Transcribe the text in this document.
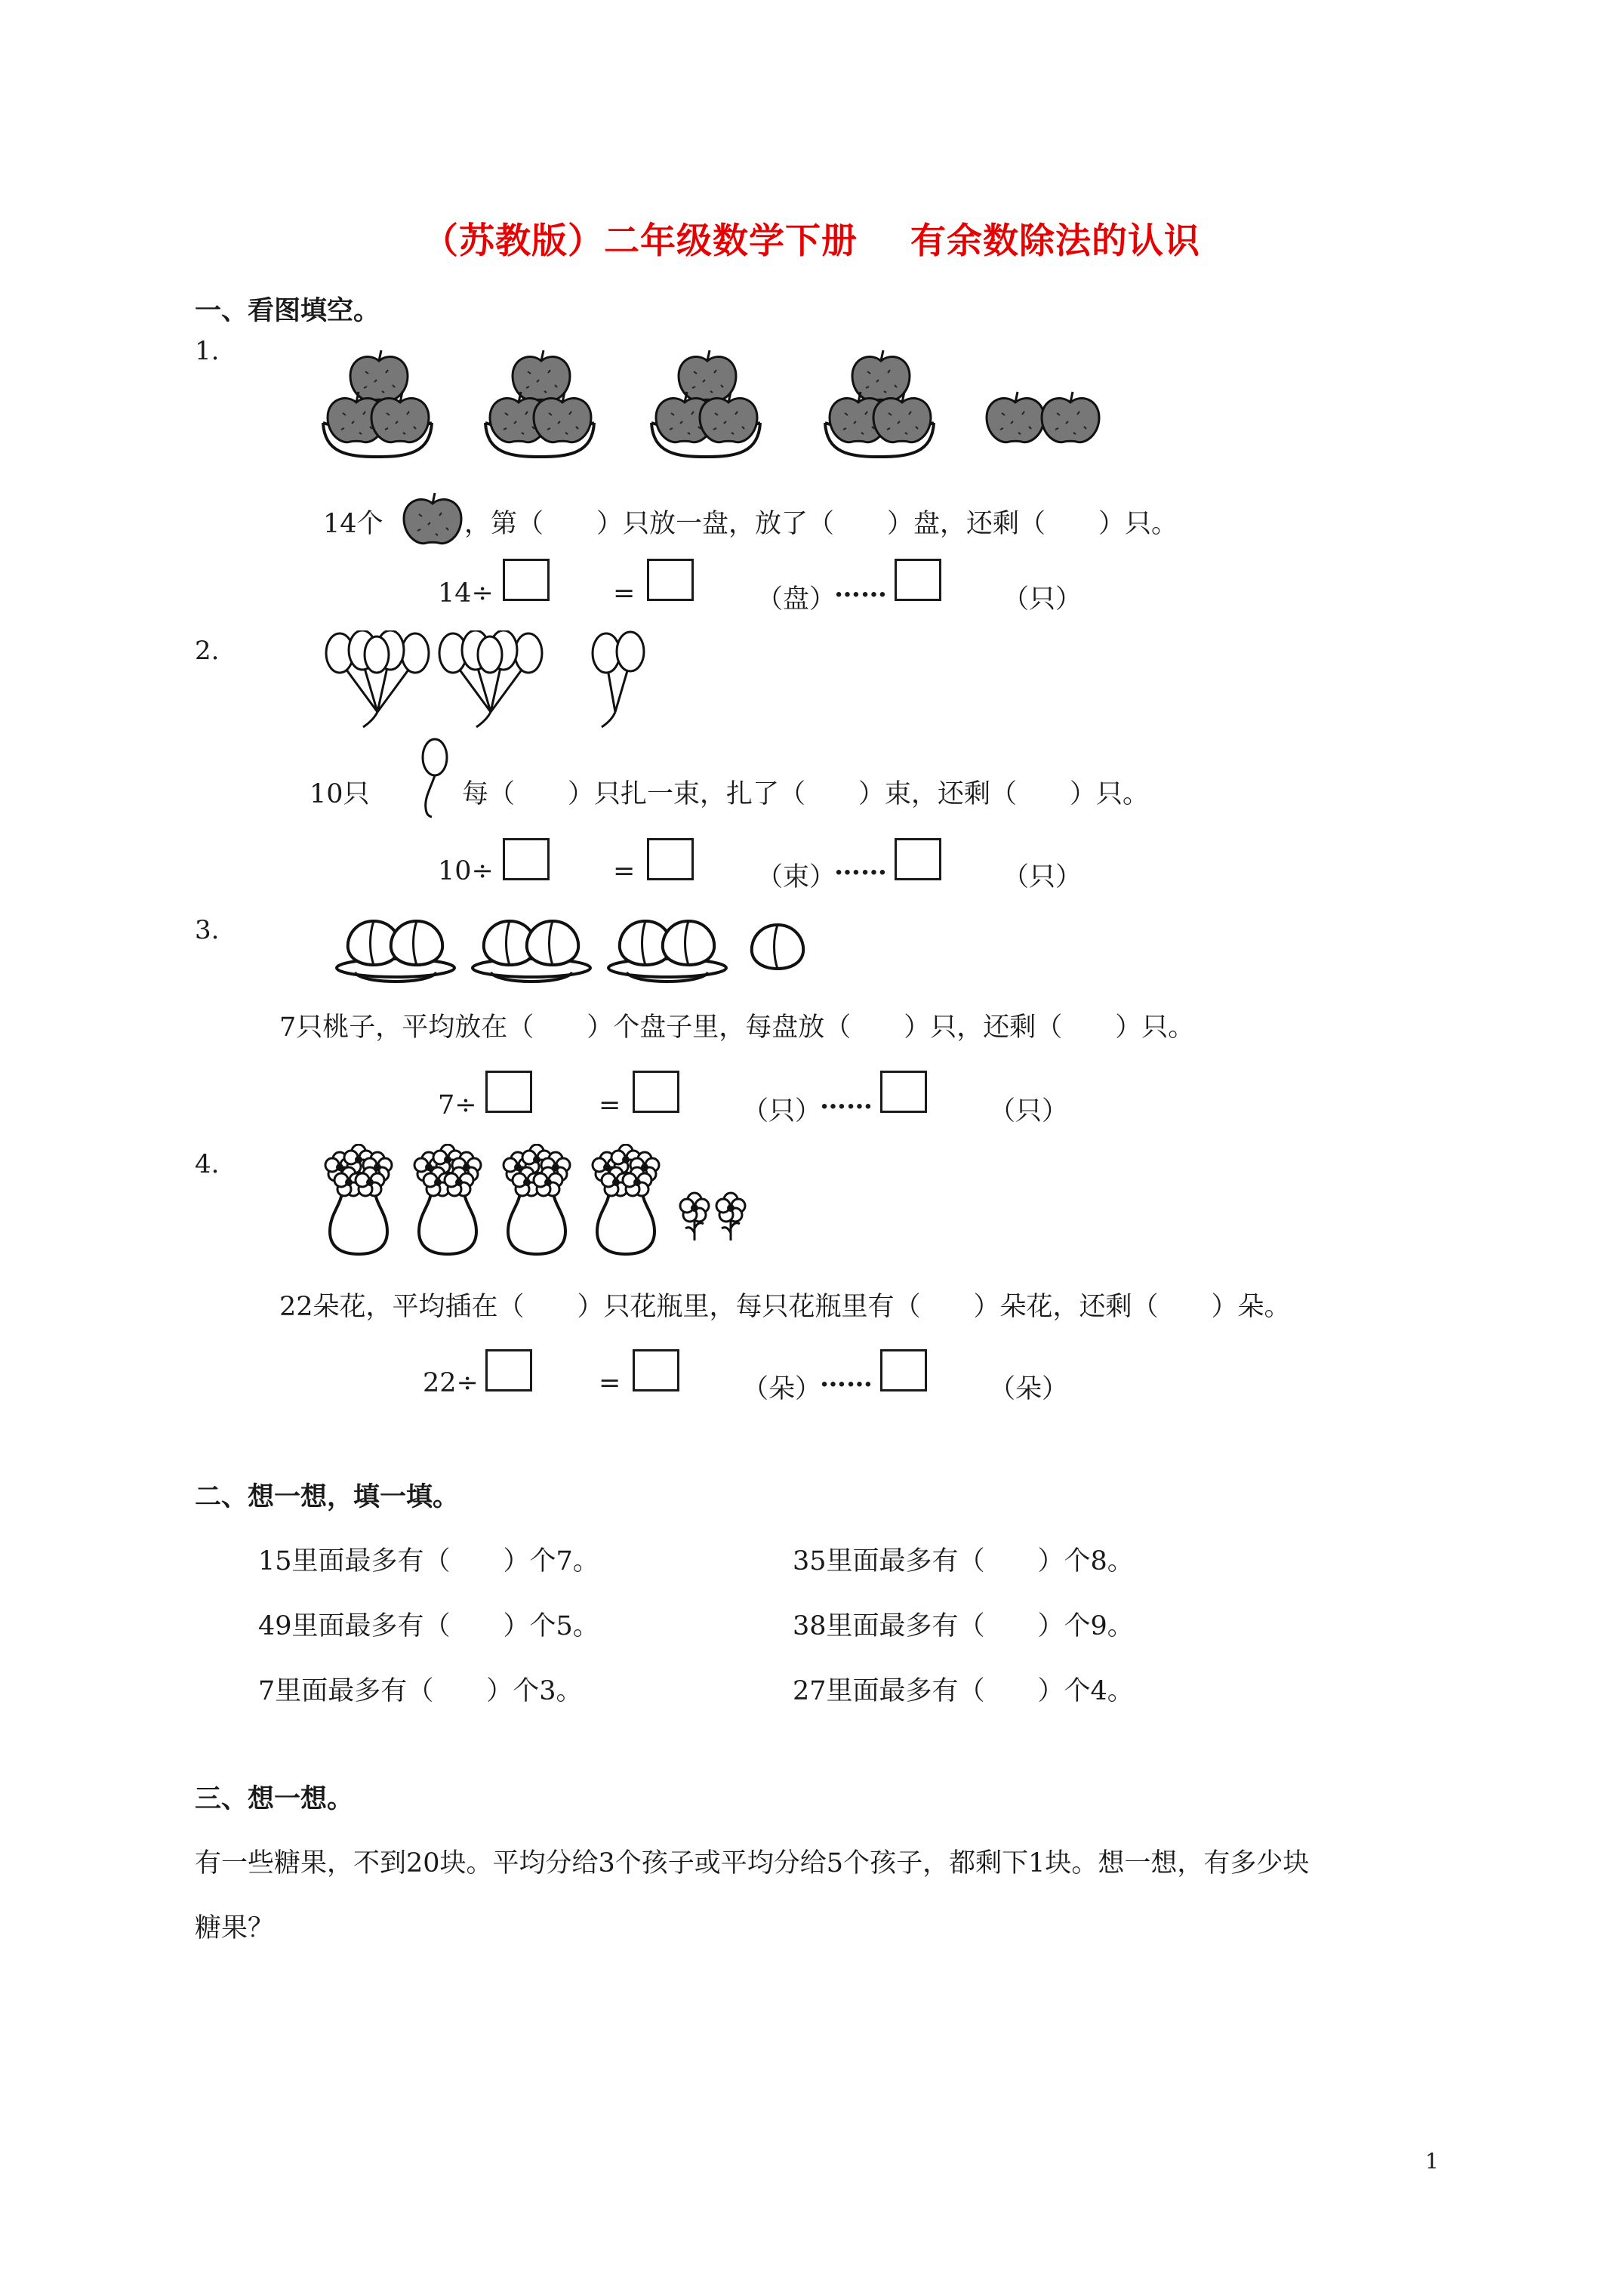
（苏教版）二年级数学下册 有余数除法的认识
一、看图填空。
1.
14个	，第（　　）只放一盘，放了（　　）盘，还剩（　　）只。
14÷	=	（盘）
……	（只）
2.
10只	每（　　）只扎一束，扎了（　　）束，还剩（　　）只。
10÷	=	（束）
……	（只）
3.
7只桃子，平均放在（　　）个盘子里，每盘放（　　）只，还剩（　　）只。
7÷	=	（只）
……	（只）
4.
22朵花，平均插在（　　）只花瓶里，每只花瓶里有（　　）朵花，还剩（　　）朵。
22÷	=	（朵）
……	（朵）
二、想一想，填一填。
15里面最多有（　　）个7。	35里面最多有（　　）个8。
49里面最多有（　　）个5。	38里面最多有（　　）个9。
7里面最多有（　　）个3。	27里面最多有（　　）个4。
三、想一想。
有一些糖果，不到20块。平均分给3个孩子或平均分给5个孩子，都剩下1块。想一想，有多少块
糖果？
1
